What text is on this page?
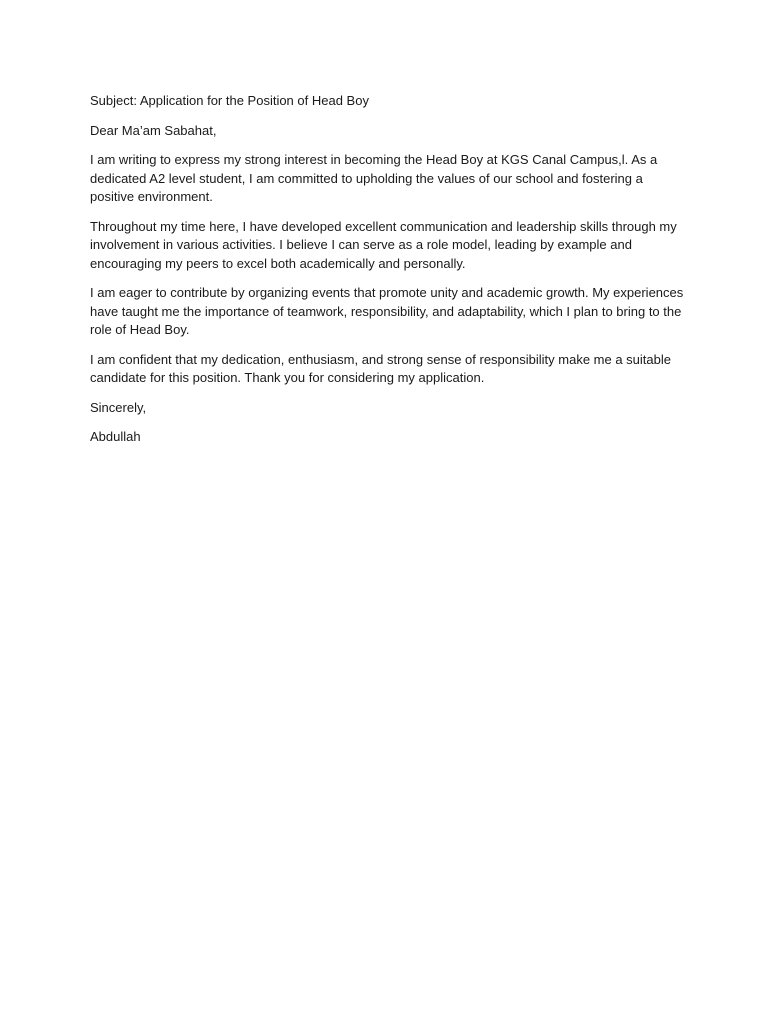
Subject: Application for the Position of Head Boy

Dear Ma’am Sabahat,

I am writing to express my strong interest in becoming the Head Boy at KGS Canal Campus,l. As a dedicated A2 level student, I am committed to upholding the values of our school and fostering a positive environment.

Throughout my time here, I have developed excellent communication and leadership skills through my involvement in various activities. I believe I can serve as a role model, leading by example and encouraging my peers to excel both academically and personally.

I am eager to contribute by organizing events that promote unity and academic growth. My experiences have taught me the importance of teamwork, responsibility, and adaptability, which I plan to bring to the role of Head Boy.

I am confident that my dedication, enthusiasm, and strong sense of responsibility make me a suitable candidate for this position. Thank you for considering my application.

Sincerely,

Abdullah
